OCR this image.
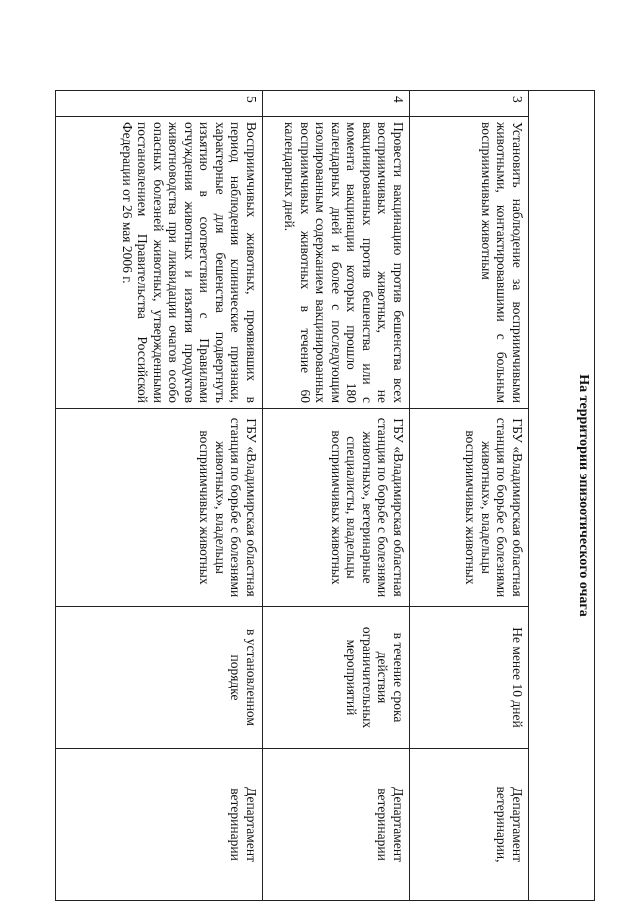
На территории эпизоотического очага				
3	Установить наблюдение за восприимчивыми животными, контактировавшими с больным восприимчивым животным	ГБУ «Владимирская областная станция по борьбе с болезнями животных», владельцы восприимчивых животных	Не менее 10 дней	Департамент ветеринарии,
4	Провести вакцинацию против бешенства всех восприимчивых животных, не вакцинированных против бешенства или с момента вакцинации которых прошло 180 календарных дней и более с последующим изолированным содержанием вакцинированных восприимчивых животных в течение 60 календарных дней.	ГБУ «Владимирская областная станция по борьбе с болезнями животных», ветеринарные специалисты, владельцы восприимчивых животных	в течение срока действия ограничительных мероприятий	Департамент ветеринарии
5	Восприимчивых животных, проявивших в период наблюдения клинические признаки, характерные для бешенства подвергнуть изъятию в соответствии с Правилами отчуждения животных и изъятия продуктов животноводства при ликвидации очагов особо опасных болезней животных, утвержденными постановлением Правительства Российской Федерации от 26 мая 2006 г.	ГБУ «Владимирская областная станция по борьбе с болезнями животных», владельцы восприимчивых животных	в установленном порядке	Департамент ветеринарии
